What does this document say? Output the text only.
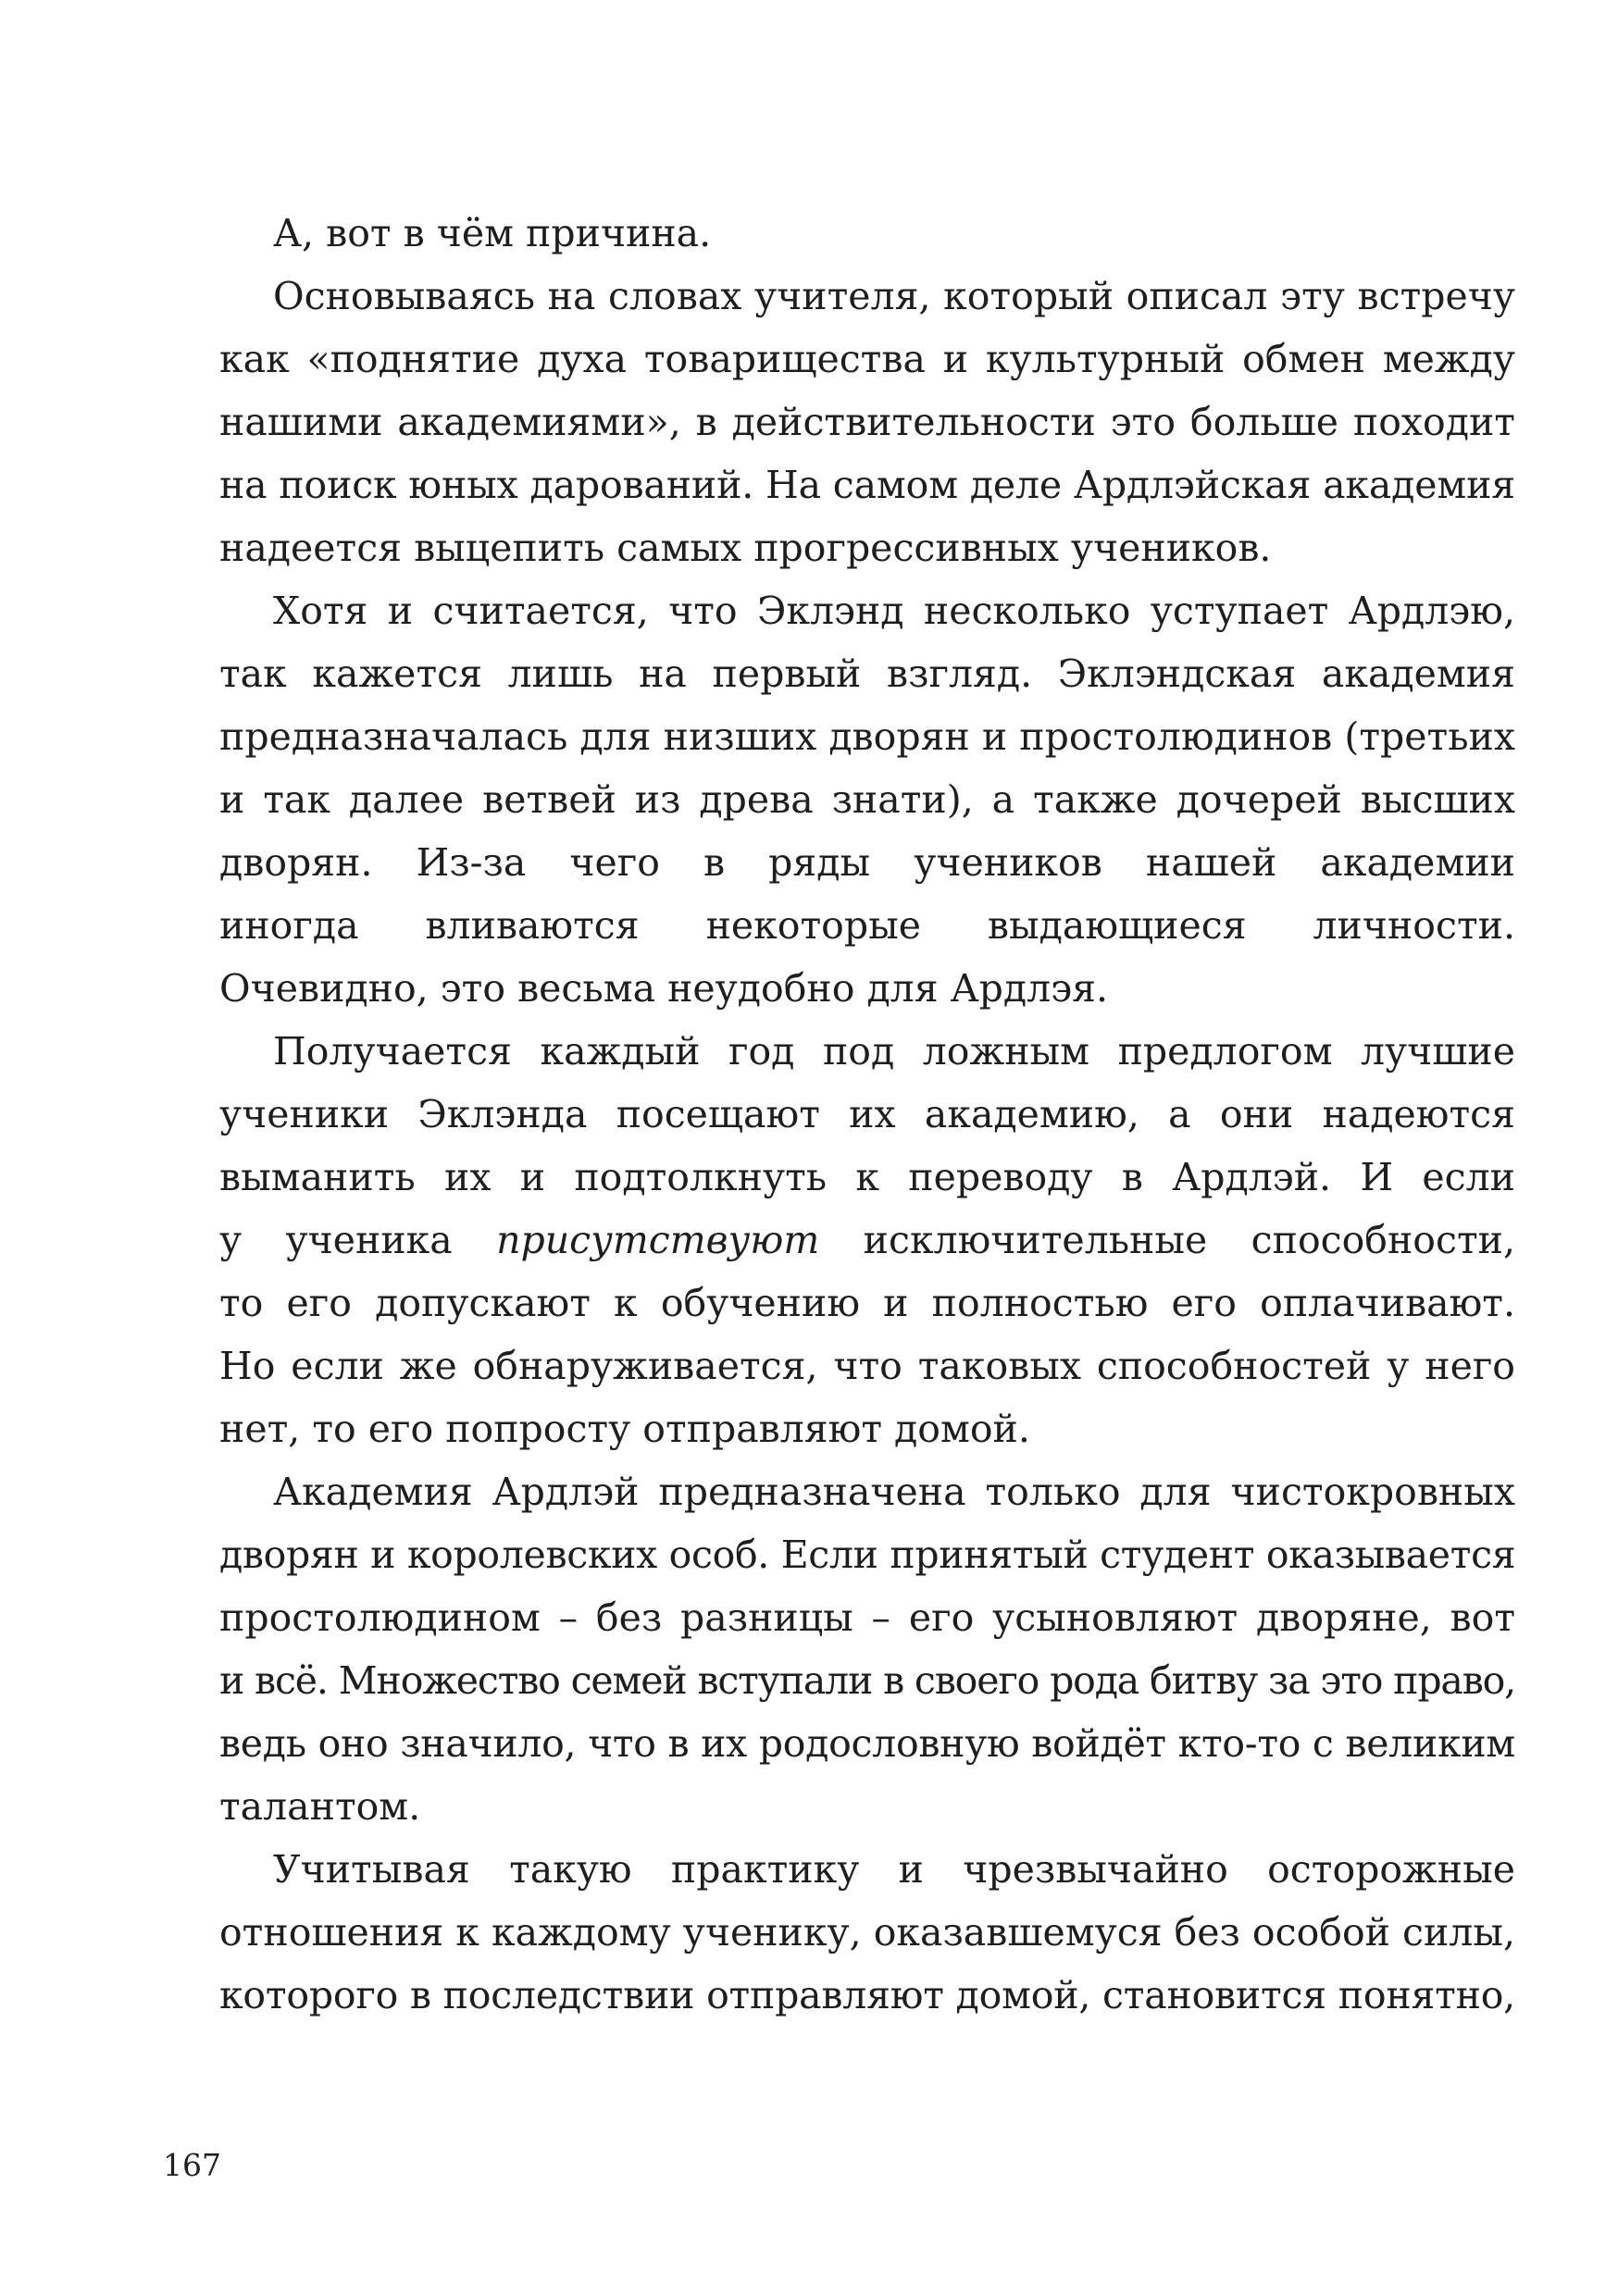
А, вот в чём причина.
Основываясь на словах учителя, который описал эту встречу
как «поднятие духа товарищества и культурный обмен между
нашими академиями», в действительности это больше походит
на поиск юных дарований. На самом деле Ардлэйская академия
надеется выцепить самых прогрессивных учеников.
Хотя и считается, что Эклэнд несколько уступает Ардлэю,
так кажется лишь на первый взгляд. Эклэндская академия
предназначалась для низших дворян и простолюдинов (третьих
и так далее ветвей из древа знати), а также дочерей высших
дворян. Из-за чего в ряды учеников нашей академии
иногда вливаются некоторые выдающиеся личности.
Очевидно, это весьма неудобно для Ардлэя.
Получается каждый год под ложным предлогом лучшие
ученики Эклэнда посещают их академию, а они надеются
выманить их и подтолкнуть к переводу в Ардлэй. И если
у ученика присутствуют исключительные способности,
то его допускают к обучению и полностью его оплачивают.
Но если же обнаруживается, что таковых способностей у него
нет, то его попросту отправляют домой.
Академия Ардлэй предназначена только для чистокровных
дворян и королевских особ. Если принятый студент оказывается
простолюдином – без разницы – его усыновляют дворяне, вот
и всё. Множество семей вступали в своего рода битву за это право,
ведь оно значило, что в их родословную войдёт кто-то с великим
талантом.
Учитывая такую практику и чрезвычайно осторожные
отношения к каждому ученику, оказавшемуся без особой силы,
которого в последствии отправляют домой, становится понятно,
167
